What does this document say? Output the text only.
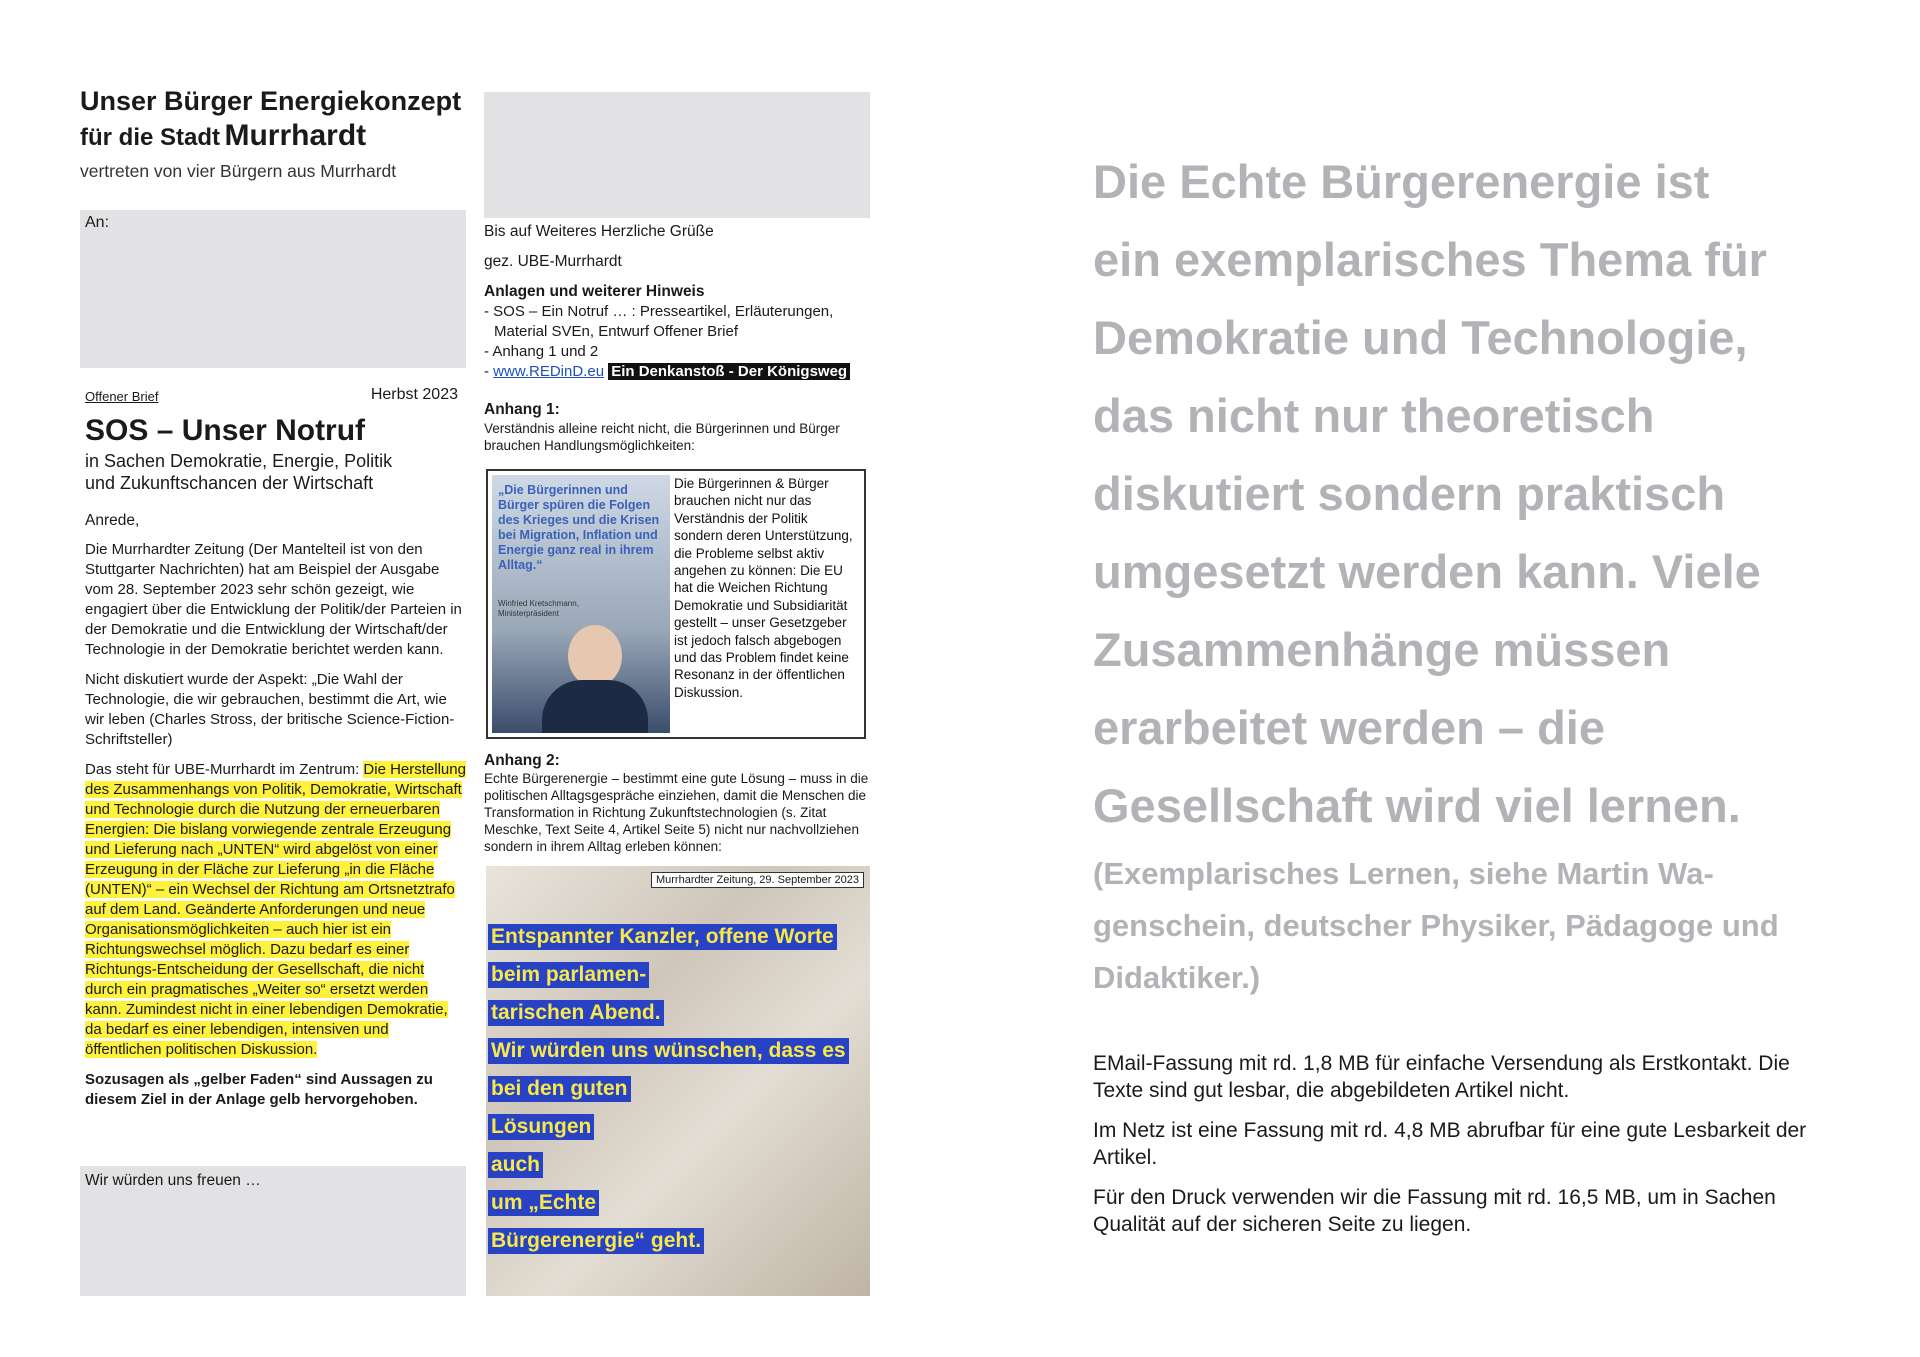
Unser Bürger Energiekonzept
für die Stadt Murrhardt
vertreten von vier Bürgern aus Murrhardt
An:
Offener Brief	Herbst 2023
SOS – Unser Notruf
in Sachen Demokratie, Energie, Politik
und Zukunftschancen der Wirtschaft
Anrede,
Die Murrhardter Zeitung (Der Mantelteil ist von den Stuttgarter Nachrichten) hat am Beispiel der Ausgabe vom 28. September 2023 sehr schön gezeigt, wie engagiert über die Entwicklung der Politik/der Parteien in der Demokratie und die Entwicklung der Wirtschaft/der Technologie in der Demokratie berichtet werden kann.
Nicht diskutiert wurde der Aspekt: „Die Wahl der Technologie, die wir gebrauchen, bestimmt die Art, wie wir leben (Charles Stross, der britische Science-Fiction-Schriftsteller)
Das steht für UBE-Murrhardt im Zentrum: Die Herstellung des Zusammenhangs von Politik, Demokratie, Wirtschaft und Technologie durch die Nutzung der erneuerbaren Energien: Die bislang vorwiegende zentrale Erzeugung und Lieferung nach „UNTEN“ wird abgelöst von einer Erzeugung in der Fläche zur Lieferung „in die Fläche (UNTEN)“ – ein Wechsel der Richtung am Ortsnetztrafo auf dem Land. Geänderte Anforderungen und neue Organisationsmöglichkeiten – auch hier ist ein Richtungswechsel möglich. Dazu bedarf es einer Richtungs-Entscheidung der Gesellschaft, die nicht durch ein pragmatisches „Weiter so“ ersetzt werden kann. Zumindest nicht in einer lebendigen Demokratie, da bedarf es einer lebendigen, intensiven und öffentlichen politischen Diskussion.
Sozusagen als „gelber Faden“ sind Aussagen zu diesem Ziel in der Anlage gelb hervorgehoben.
Wir würden uns freuen …
Bis auf Weiteres Herzliche Grüße
gez. UBE-Murrhardt
Anlagen und weiterer Hinweis
- SOS – Ein Notruf … : Presseartikel, Erläuterungen,
Material SVEn, Entwurf Offener Brief
- Anhang 1 und 2
- www.REDinD.eu Ein Denkanstoß - Der Königsweg
Anhang 1:
Verständnis alleine reicht nicht, die Bürgerinnen und Bürger brauchen Handlungsmöglichkeiten:
„Die Bürgerinnen und Bürger spüren die Folgen des Krieges und die Krisen bei Migration, Inflation und Energie ganz real in ihrem Alltag.“
Winfried Kretschmann, Ministerpräsident
Die Bürgerinnen & Bürger brauchen nicht nur das Verständnis der Politik sondern deren Unterstützung, die Probleme selbst aktiv angehen zu können: Die EU hat die Weichen Richtung Demokratie und Subsidiarität gestellt – unser Gesetzgeber ist jedoch falsch abgebogen und das Problem findet keine Resonanz in der öffentlichen Diskussion.
Anhang 2:
Echte Bürgerenergie – bestimmt eine gute Lösung – muss in die politischen Alltagsgespräche einziehen, damit die Menschen die Transformation in Richtung Zukunftstechnologien (s. Zitat Meschke, Text Seite 4, Artikel Seite 5) nicht nur nachvollziehen sondern in ihrem Alltag erleben können:
Murrhardter Zeitung, 29. September 2023
Entspannter Kanzler, offene Worte
beim parlamen-
tarischen Abend.
Wir würden uns wünschen, dass es
bei den guten
Lösungen
auch
um „Echte
Bürgerenergie“ geht.
Die Echte Bürgerenergie ist
ein exemplarisches Thema für
Demokratie und Technologie,
das nicht nur theoretisch
diskutiert sondern praktisch
umgesetzt werden kann. Viele
Zusammenhänge müssen
erarbeitet werden – die
Gesellschaft wird viel lernen.
(Exemplarisches Lernen, siehe Martin Wa-
genschein, deutscher Physiker, Pädagoge und
Didaktiker.)

EMail-Fassung mit rd. 1,8 MB für einfache Versendung als Erstkontakt. Die Texte sind gut lesbar, die abgebildeten Artikel nicht.

Im Netz ist eine Fassung mit rd. 4,8 MB abrufbar für eine gute Lesbarkeit der Artikel.

Für den Druck verwenden wir die Fassung mit rd. 16,5 MB, um in Sachen Qualität auf der sicheren Seite zu liegen.
